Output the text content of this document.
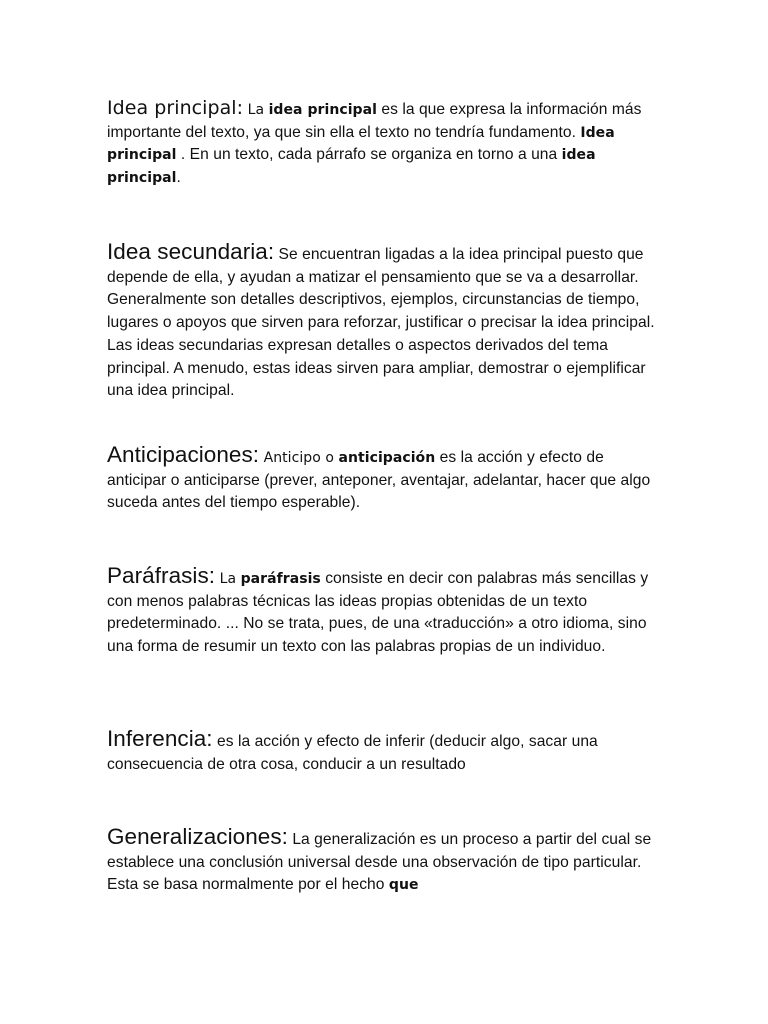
Idea principal: La idea principal es la que expresa la información más importante del texto, ya que sin ella el texto no tendría fundamento. Idea principal . En un texto, cada párrafo se organiza en torno a una idea principal.

Idea secundaria: Se encuentran ligadas a la idea principal puesto que depende de ella, y ayudan a matizar el pensamiento que se va a desarrollar. Generalmente son detalles descriptivos, ejemplos, circunstancias de tiempo, lugares o apoyos que sirven para reforzar, justificar o precisar la idea principal. Las ideas secundarias expresan detalles o aspectos derivados del tema principal. A menudo, estas ideas sirven para ampliar, demostrar o ejemplificar una idea principal.

Anticipaciones: Anticipo o anticipación es la acción y efecto de anticipar o anticiparse (prever, anteponer, aventajar, adelantar, hacer que algo suceda antes del tiempo esperable).

Paráfrasis: La paráfrasis consiste en decir con palabras más sencillas y con menos palabras técnicas las ideas propias obtenidas de un texto predeterminado. ... No se trata, pues, de una «traducción» a otro idioma, sino una forma de resumir un texto con las palabras propias de un individuo.

Inferencia: es la acción y efecto de inferir (deducir algo, sacar una consecuencia de otra cosa, conducir a un resultado

Generalizaciones: La generalización es un proceso a partir del cual se establece una conclusión universal desde una observación de tipo particular. Esta se basa normalmente por el hecho que
